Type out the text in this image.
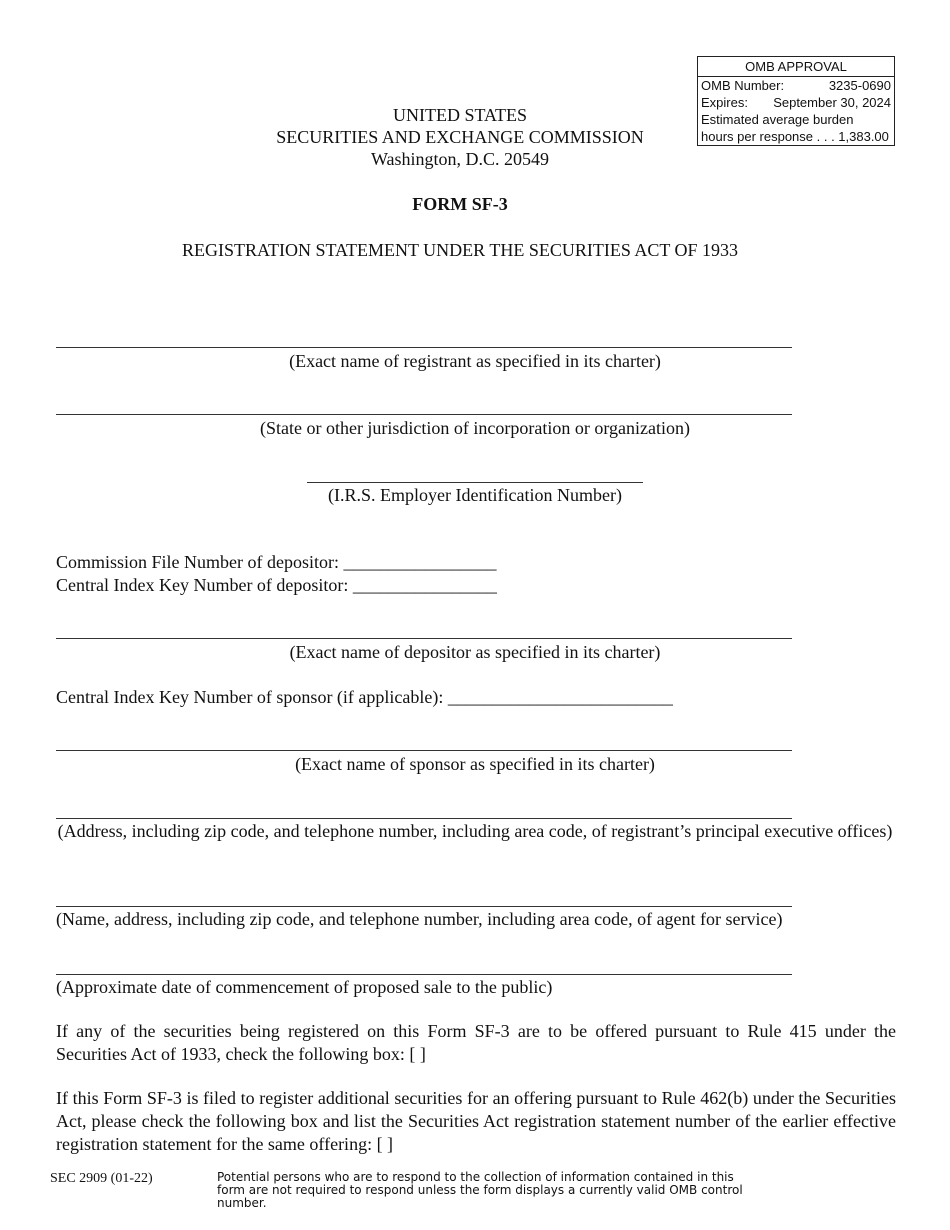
OMB APPROVAL
OMB Number:	3235-0690
Expires: September 30, 2024
Estimated average burden
hours per response . . . 1,383.00
UNITED STATES
SECURITIES AND EXCHANGE COMMISSION
Washington, D.C. 20549
FORM SF-3
REGISTRATION STATEMENT UNDER THE SECURITIES ACT OF 1933
(Exact name of registrant as specified in its charter)
(State or other jurisdiction of incorporation or organization)
(I.R.S. Employer Identification Number)
Commission File Number of depositor: _________________
Central Index Key Number of depositor: ________________
(Exact name of depositor as specified in its charter)
Central Index Key Number of sponsor (if applicable): _________________________
(Exact name of sponsor as specified in its charter)
(Address, including zip code, and telephone number, including area code, of registrant’s principal executive offices)
(Name, address, including zip code, and telephone number, including area code, of agent for service)
(Approximate date of commencement of proposed sale to the public)
If any of the securities being registered on this Form SF-3 are to be offered pursuant to Rule 415 under the Securities Act of 1933, check the following box: [ ]
If this Form SF-3 is filed to register additional securities for an offering pursuant to Rule 462(b) under the Securities Act, please check the following box and list the Securities Act registration statement number of the earlier effective registration statement for the same offering: [ ]
SEC 2909 (01-22)	Potential persons who are to respond to the collection of information contained in this form are not required to respond unless the form displays a currently valid OMB control number.
